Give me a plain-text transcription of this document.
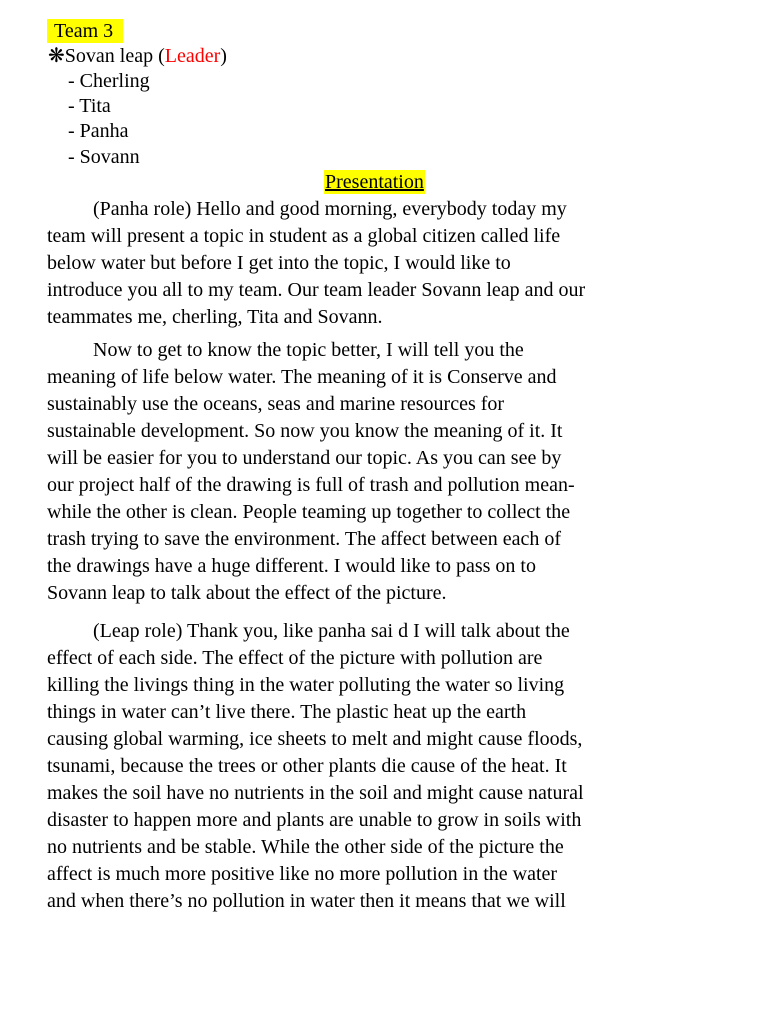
Team 3
❋Sovan leap (Leader)
- Cherling
- Tita
- Panha
- Sovann
Presentation
(Panha role) Hello and good morning, everybody today my
team will present a topic in student as a global citizen called life
below water but before I get into the topic, I would like to
introduce you all to my team. Our team leader Sovann leap and our
teammates me, cherling, Tita and Sovann.
Now to get to know the topic better, I will tell you the
meaning of life below water. The meaning of it is Conserve and
sustainably use the oceans, seas and marine resources for
sustainable development. So now you know the meaning of it. It
will be easier for you to understand our topic. As you can see by
our project half of the drawing is full of trash and pollution mean-
while the other is clean. People teaming up together to collect the
trash trying to save the environment. The affect between each of
the drawings have a huge different. I would like to pass on to
Sovann leap to talk about the effect of the picture.
(Leap role) Thank you, like panha sai d I will talk about the
effect of each side. The effect of the picture with pollution are
killing the livings thing in the water polluting the water so living
things in water can’t live there. The plastic heat up the earth
causing global warming, ice sheets to melt and might cause floods,
tsunami, because the trees or other plants die cause of the heat. It
makes the soil have no nutrients in the soil and might cause natural
disaster to happen more and plants are unable to grow in soils with
no nutrients and be stable. While the other side of the picture the
affect is much more positive like no more pollution in the water
and when there’s no pollution in water then it means that we will
